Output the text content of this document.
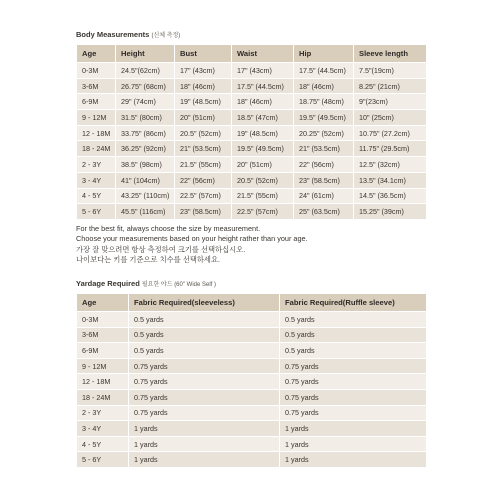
Body Measurements (신체 측정)
Age	Height	Bust	Waist	Hip	Sleeve length
0-3M	24.5"(62cm)	17" (43cm)	17" (43cm)	17.5" (44.5cm)	7.5"(19cm)
3-6M	26.75" (68cm)	18" (46cm)	17.5" (44.5cm)	18" (46cm)	8.25" (21cm)
6-9M	29" (74cm)	19" (48.5cm)	18" (46cm)	18.75" (48cm)	9"(23cm)
9 - 12M	31.5" (80cm)	20" (51cm)	18.5" (47cm)	19.5" (49.5cm)	10" (25cm)
12 - 18M	33.75" (86cm)	20.5" (52cm)	19" (48.5cm)	20.25" (52cm)	10.75" (27.2cm)
18 - 24M	36.25" (92cm)	21" (53.5cm)	19.5" (49.5cm)	21" (53.5cm)	11.75" (29.5cm)
2 - 3Y	38.5" (98cm)	21.5" (55cm)	20" (51cm)	22" (56cm)	12.5" (32cm)
3 - 4Y	41" (104cm)	22" (56cm)	20.5" (52cm)	23" (58.5cm)	13.5" (34.1cm)
4 - 5Y	43.25" (110cm)	22.5" (57cm)	21.5" (55cm)	24" (61cm)	14.5" (36.5cm)
5 - 6Y	45.5" (116cm)	23" (58.5cm)	22.5" (57cm)	25" (63.5cm)	15.25" (39cm)
For the best fit, always choose the size by measurement.
Choose your measurements based on your height rather than your age.
가장 잘 맞으려면 항상 측정하여 크기를 선택하십시오.
나이보다는 키를 기준으로 치수를 선택하세요.
Yardage Required 필요한 야드 (60" Wide Self )
Age	Fabric Required(sleeveless)	Fabric Required(Ruffle sleeve)
0-3M	0.5 yards	0.5 yards
3-6M	0.5 yards	0.5 yards
6-9M	0.5 yards	0.5 yards
9 - 12M	0.75 yards	0.75 yards
12 - 18M	0.75 yards	0.75 yards
18 - 24M	0.75 yards	0.75 yards
2 - 3Y	0.75 yards	0.75 yards
3 - 4Y	1 yards	1 yards
4 - 5Y	1 yards	1 yards
5 - 6Y	1 yards	1 yards
